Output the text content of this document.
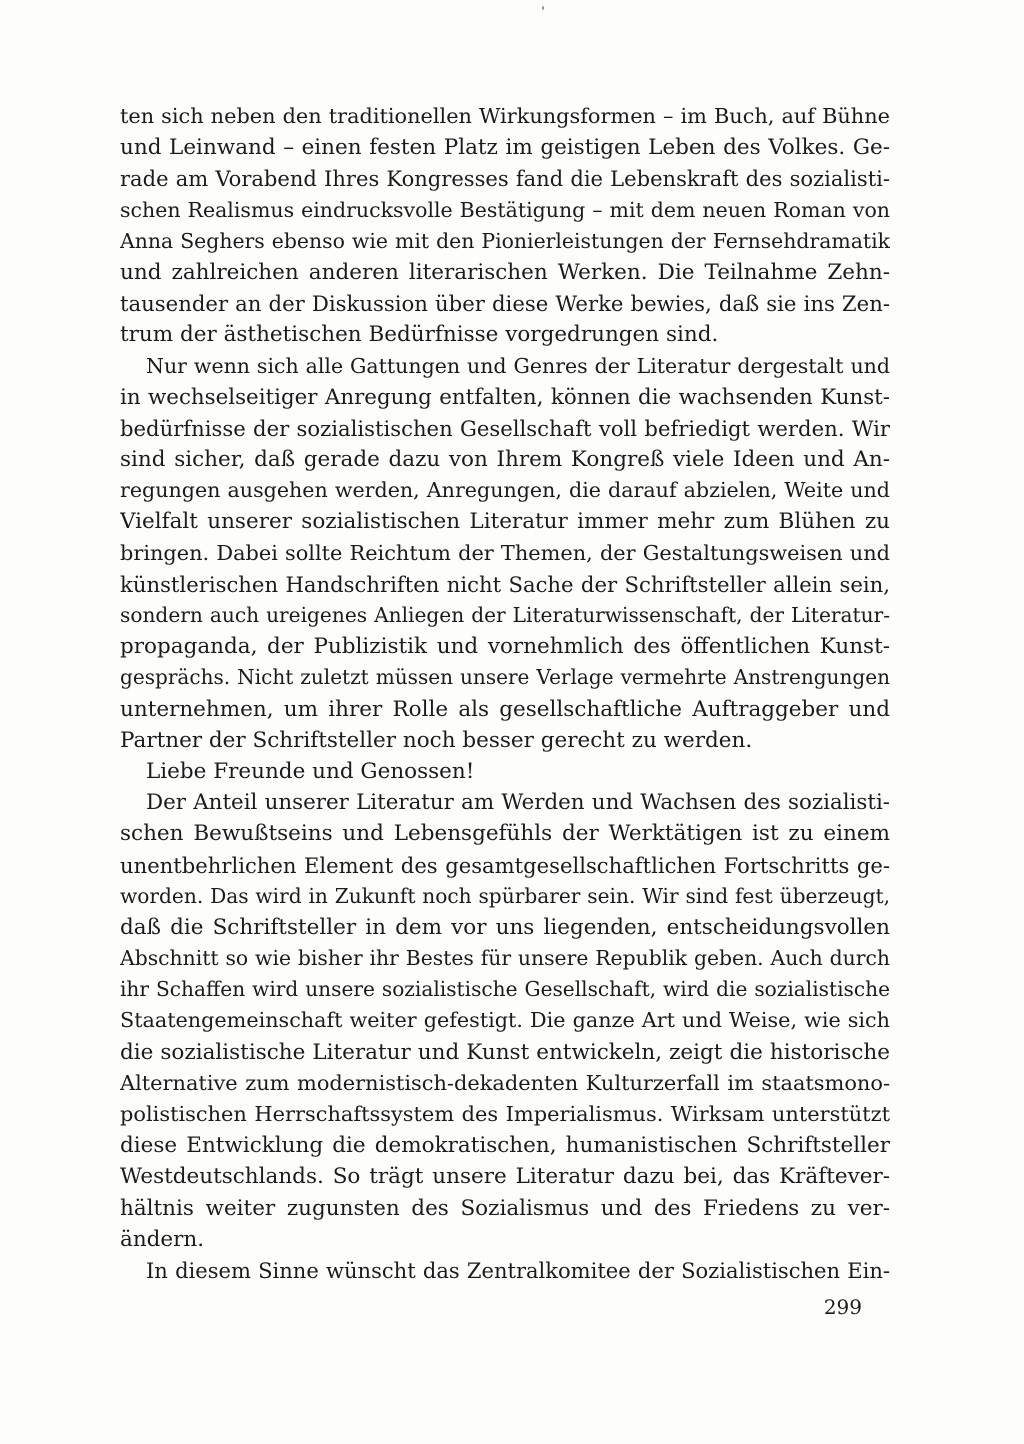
ten sich neben den traditionellen Wirkungsformen – im Buch, auf Bühne
und Leinwand – einen festen Platz im geistigen Leben des Volkes. Ge-
rade am Vorabend Ihres Kongresses fand die Lebenskraft des sozialisti-
schen Realismus eindrucksvolle Bestätigung – mit dem neuen Roman von
Anna Seghers ebenso wie mit den Pionierleistungen der Fernsehdramatik
und zahlreichen anderen literarischen Werken. Die Teilnahme Zehn-
tausender an der Diskussion über diese Werke bewies, daß sie ins Zen-
trum der ästhetischen Bedürfnisse vorgedrungen sind.
Nur wenn sich alle Gattungen und Genres der Literatur dergestalt und
in wechselseitiger Anregung entfalten, können die wachsenden Kunst-
bedürfnisse der sozialistischen Gesellschaft voll befriedigt werden. Wir
sind sicher, daß gerade dazu von Ihrem Kongreß viele Ideen und An-
regungen ausgehen werden, Anregungen, die darauf abzielen, Weite und
Vielfalt unserer sozialistischen Literatur immer mehr zum Blühen zu
bringen. Dabei sollte Reichtum der Themen, der Gestaltungsweisen und
künstlerischen Handschriften nicht Sache der Schriftsteller allein sein,
sondern auch ureigenes Anliegen der Literaturwissenschaft, der Literatur-
propaganda, der Publizistik und vornehmlich des öffentlichen Kunst-
gesprächs. Nicht zuletzt müssen unsere Verlage vermehrte Anstrengungen
unternehmen, um ihrer Rolle als gesellschaftliche Auftraggeber und
Partner der Schriftsteller noch besser gerecht zu werden.
Liebe Freunde und Genossen!
Der Anteil unserer Literatur am Werden und Wachsen des sozialisti-
schen Bewußtseins und Lebensgefühls der Werktätigen ist zu einem
unentbehrlichen Element des gesamtgesellschaftlichen Fortschritts ge-
worden. Das wird in Zukunft noch spürbarer sein. Wir sind fest überzeugt,
daß die Schriftsteller in dem vor uns liegenden, entscheidungsvollen
Abschnitt so wie bisher ihr Bestes für unsere Republik geben. Auch durch
ihr Schaffen wird unsere sozialistische Gesellschaft, wird die sozialistische
Staatengemeinschaft weiter gefestigt. Die ganze Art und Weise, wie sich
die sozialistische Literatur und Kunst entwickeln, zeigt die historische
Alternative zum modernistisch-dekadenten Kulturzerfall im staatsmono-
polistischen Herrschaftssystem des Imperialismus. Wirksam unterstützt
diese Entwicklung die demokratischen, humanistischen Schriftsteller
Westdeutschlands. So trägt unsere Literatur dazu bei, das Kräftever-
hältnis weiter zugunsten des Sozialismus und des Friedens zu ver-
ändern.
In diesem Sinne wünscht das Zentralkomitee der Sozialistischen Ein-
299
